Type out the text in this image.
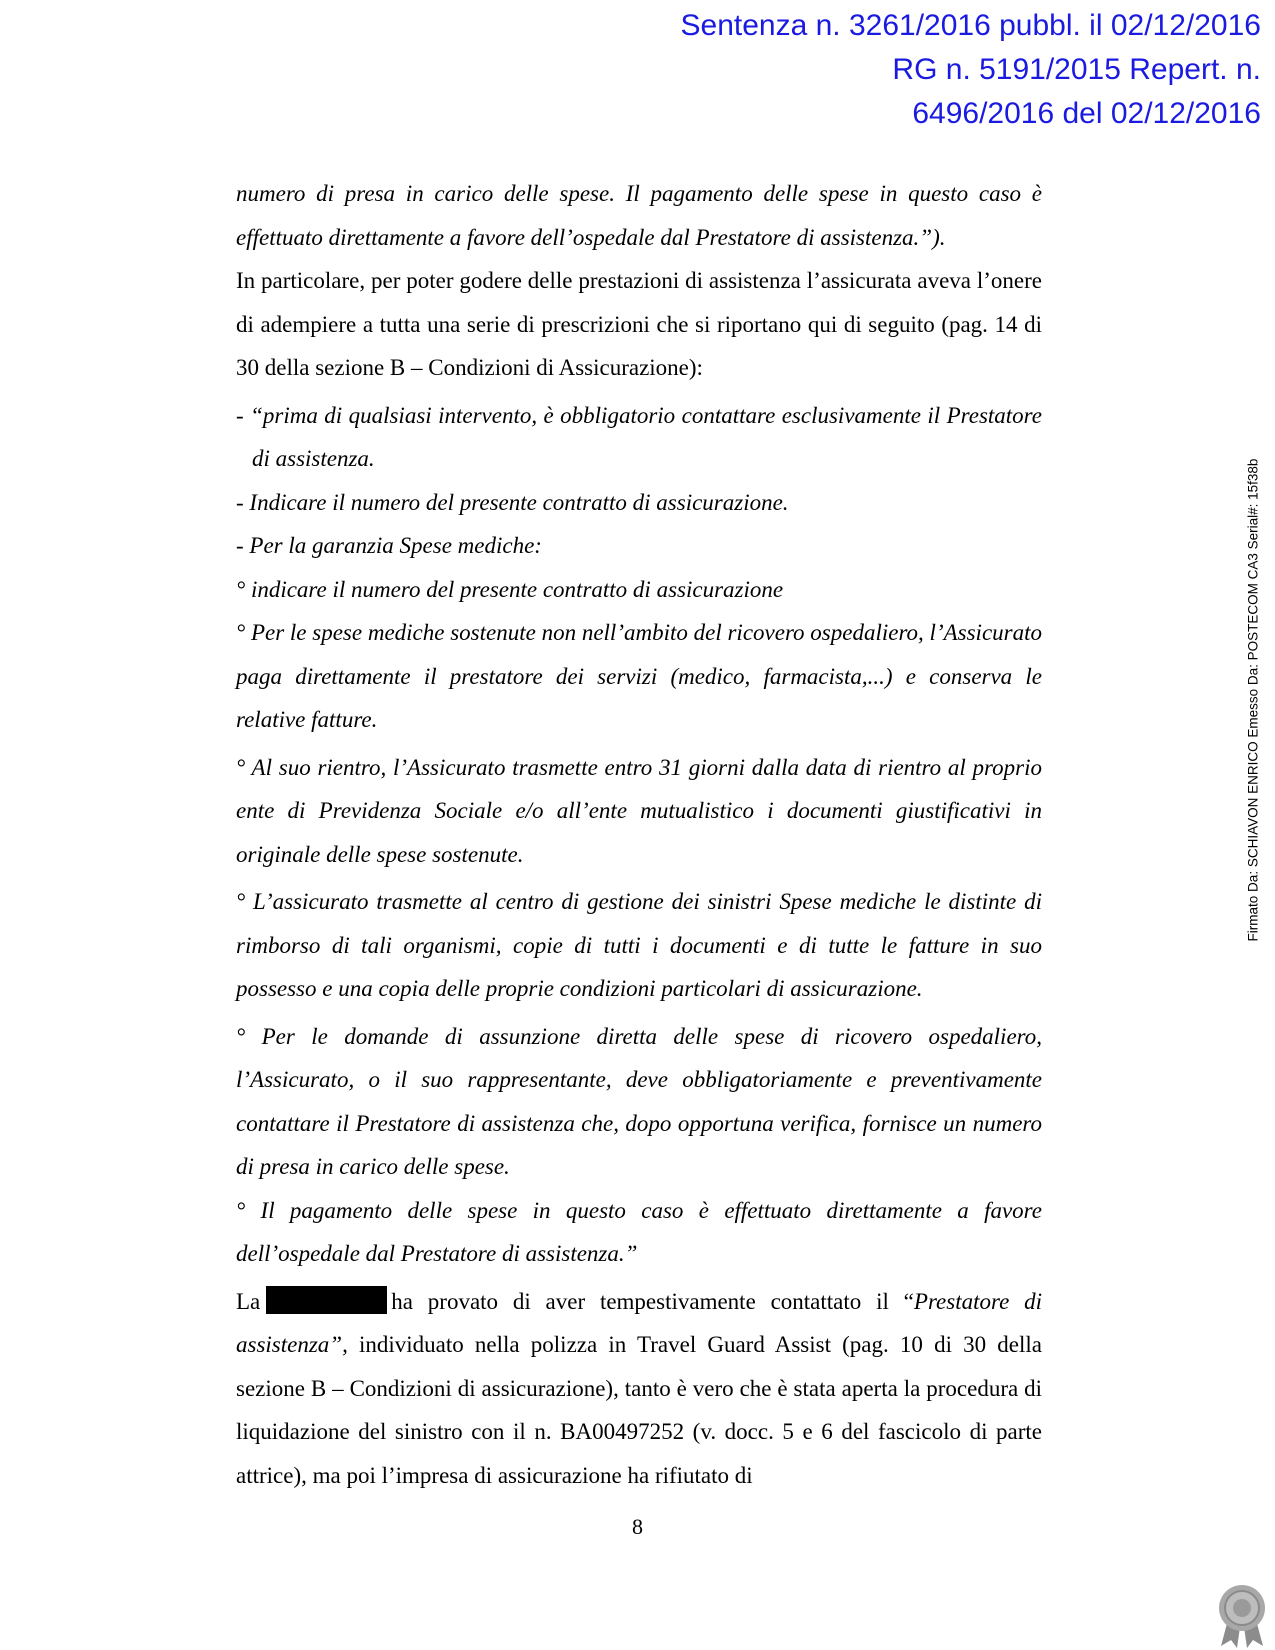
Sentenza n. 3261/2016 pubbl. il 02/12/2016
RG n. 5191/2015 Repert. n.
6496/2016 del 02/12/2016

numero di presa in carico delle spese. Il pagamento delle spese in questo caso è effettuato direttamente a favore dell’ospedale dal Prestatore di assistenza.”).

In particolare, per poter godere delle prestazioni di assistenza l’assicurata aveva l’onere di adempiere a tutta una serie di prescrizioni che si riportano qui di seguito (pag. 14 di 30 della sezione B – Condizioni di Assicurazione):

- “prima di qualsiasi intervento, è obbligatorio contattare esclusivamente il Prestatore di assistenza.

- Indicare il numero del presente contratto di assicurazione.

- Per la garanzia Spese mediche:

° indicare il numero del presente contratto di assicurazione

° Per le spese mediche sostenute non nell’ambito del ricovero ospedaliero, l’Assicurato paga direttamente il prestatore dei servizi (medico, farmacista,...) e conserva le relative fatture.

° Al suo rientro, l’Assicurato trasmette entro 31 giorni dalla data di rientro al proprio ente di Previdenza Sociale e/o all’ente mutualistico i documenti giustificativi in originale delle spese sostenute.

° L’assicurato trasmette al centro di gestione dei sinistri Spese mediche le distinte di rimborso di tali organismi, copie di tutti i documenti e di tutte le fatture in suo possesso e una copia delle proprie condizioni particolari di assicurazione.

° Per le domande di assunzione diretta delle spese di ricovero ospedaliero, l’Assicurato, o il suo rappresentante, deve obbligatoriamente e preventivamente contattare il Prestatore di assistenza che, dopo opportuna verifica, fornisce un numero di presa in carico delle spese.

° Il pagamento delle spese in questo caso è effettuato direttamente a favore dell’ospedale dal Prestatore di assistenza.”

La	ha provato di aver tempestivamente contattato il “Prestatore di assistenza”, individuato nella polizza in Travel Guard Assist (pag. 10 di 30 della sezione B – Condizioni di assicurazione), tanto è vero che è stata aperta la procedura di liquidazione del sinistro con il n. BA00497252 (v. docc. 5 e 6 del fascicolo di parte attrice), ma poi l’impresa di assicurazione ha rifiutato di

8
Firmato Da: SCHIAVON ENRICO Emesso Da: POSTECOM CA3 Serial#: 15f38b
